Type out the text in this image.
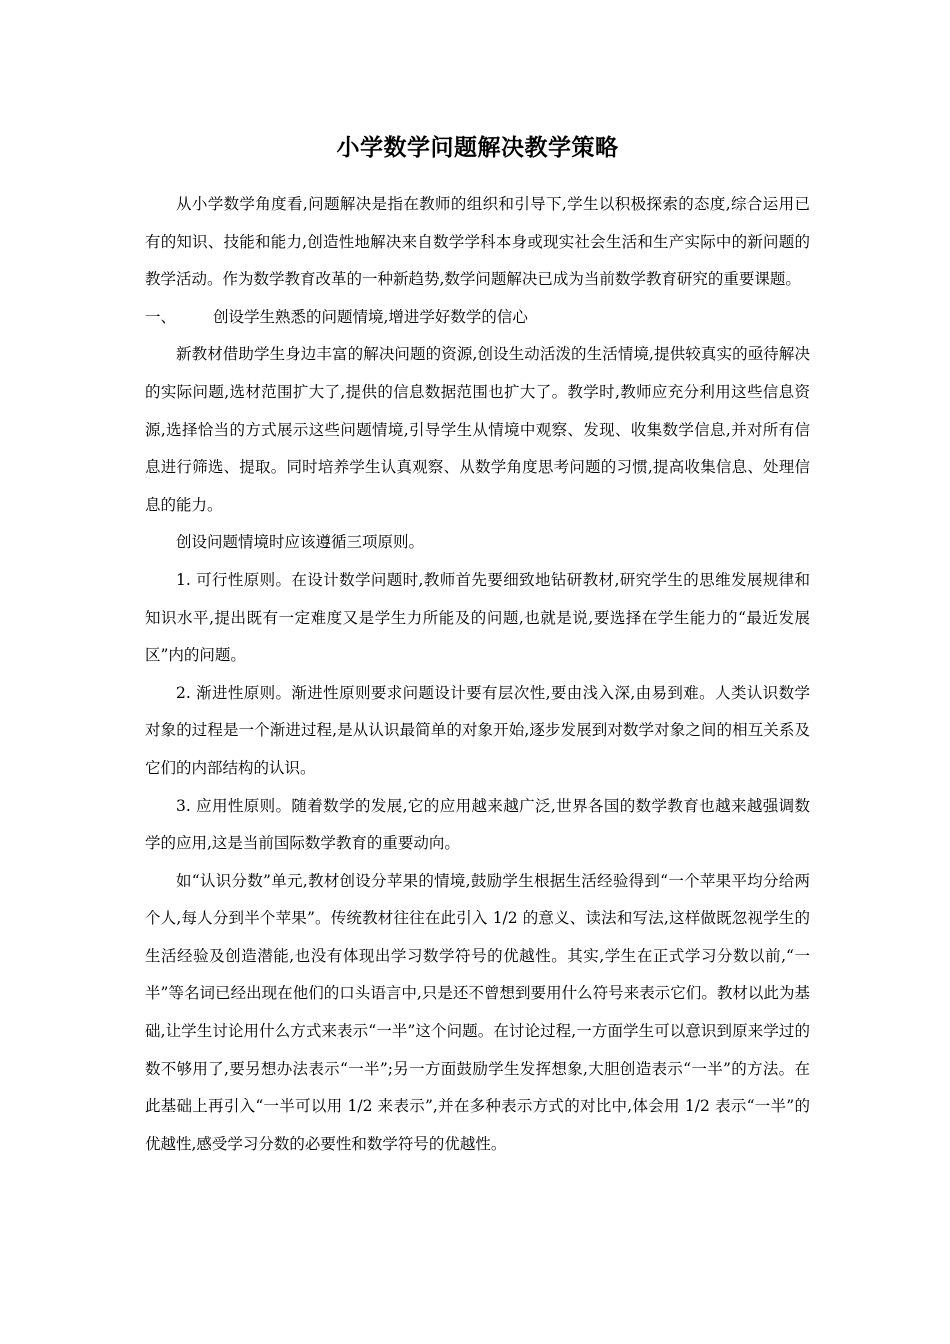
小学数学问题解决教学策略

从小学数学角度看,问题解决是指在教师的组织和引导下,学生以积极探索的态度,综合运用已有的知识、技能和能力,创造性地解决来自数学学科本身或现实社会生活和生产实际中的新问题的教学活动。作为数学教育改革的一种新趋势,数学问题解决已成为当前数学教育研究的重要课题。

一、	创设学生熟悉的问题情境,增进学好数学的信心

新教材借助学生身边丰富的解决问题的资源,创设生动活泼的生活情境,提供较真实的亟待解决的实际问题,选材范围扩大了,提供的信息数据范围也扩大了。教学时,教师应充分利用这些信息资源,选择恰当的方式展示这些问题情境,引导学生从情境中观察、发现、收集数学信息,并对所有信息进行筛选、提取。同时培养学生认真观察、从数学角度思考问题的习惯,提高收集信息、处理信息的能力。

创设问题情境时应该遵循三项原则。

1. 可行性原则。在设计数学问题时,教师首先要细致地钻研教材,研究学生的思维发展规律和知识水平,提出既有一定难度又是学生力所能及的问题,也就是说,要选择在学生能力的“最近发展区”内的问题。

2. 渐进性原则。渐进性原则要求问题设计要有层次性,要由浅入深,由易到难。人类认识数学对象的过程是一个渐进过程,是从认识最简单的对象开始,逐步发展到对数学对象之间的相互关系及它们的内部结构的认识。

3. 应用性原则。随着数学的发展,它的应用越来越广泛,世界各国的数学教育也越来越强调数学的应用,这是当前国际数学教育的重要动向。

如“认识分数”单元,教材创设分苹果的情境,鼓励学生根据生活经验得到“一个苹果平均分给两个人,每人分到半个苹果”。传统教材往往在此引入 1/2 的意义、读法和写法,这样做既忽视学生的生活经验及创造潜能,也没有体现出学习数学符号的优越性。其实,学生在正式学习分数以前,“一半”等名词已经出现在他们的口头语言中,只是还不曾想到要用什么符号来表示它们。教材以此为基础,让学生讨论用什么方式来表示“一半”这个问题。在讨论过程,一方面学生可以意识到原来学过的数不够用了,要另想办法表示“一半”;另一方面鼓励学生发挥想象,大胆创造表示“一半”的方法。在此基础上再引入“一半可以用 1/2 来表示”,并在多种表示方式的对比中,体会用 1/2 表示“一半”的优越性,感受学习分数的必要性和数学符号的优越性。
